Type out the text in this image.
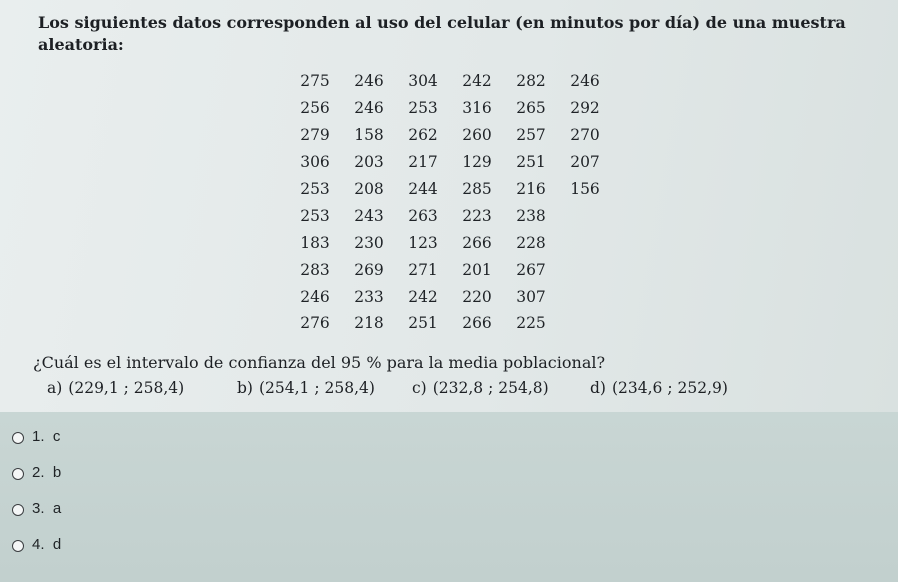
Los siguientes datos corresponden al uso del celular (en minutos por día) de una muestra aleatoria:

275	246	304	242	282	246
256	246	253	316	265	292
279	158	262	260	257	270
306	203	217	129	251	207
253	208	244	285	216	156
253	243	263	223	238	
183	230	123	266	228	
283	269	271	201	267	
246	233	242	220	307	
276	218	251	266	225	

¿Cuál es el intervalo de confianza del 95 % para la media poblacional?

a) (229,1 ; 258,4)	b) (254,1 ; 258,4) c) (232,8 ; 254,8)	d) (234,6 ; 252,9)
1.  c
2.  b
3.  a
4.  d
